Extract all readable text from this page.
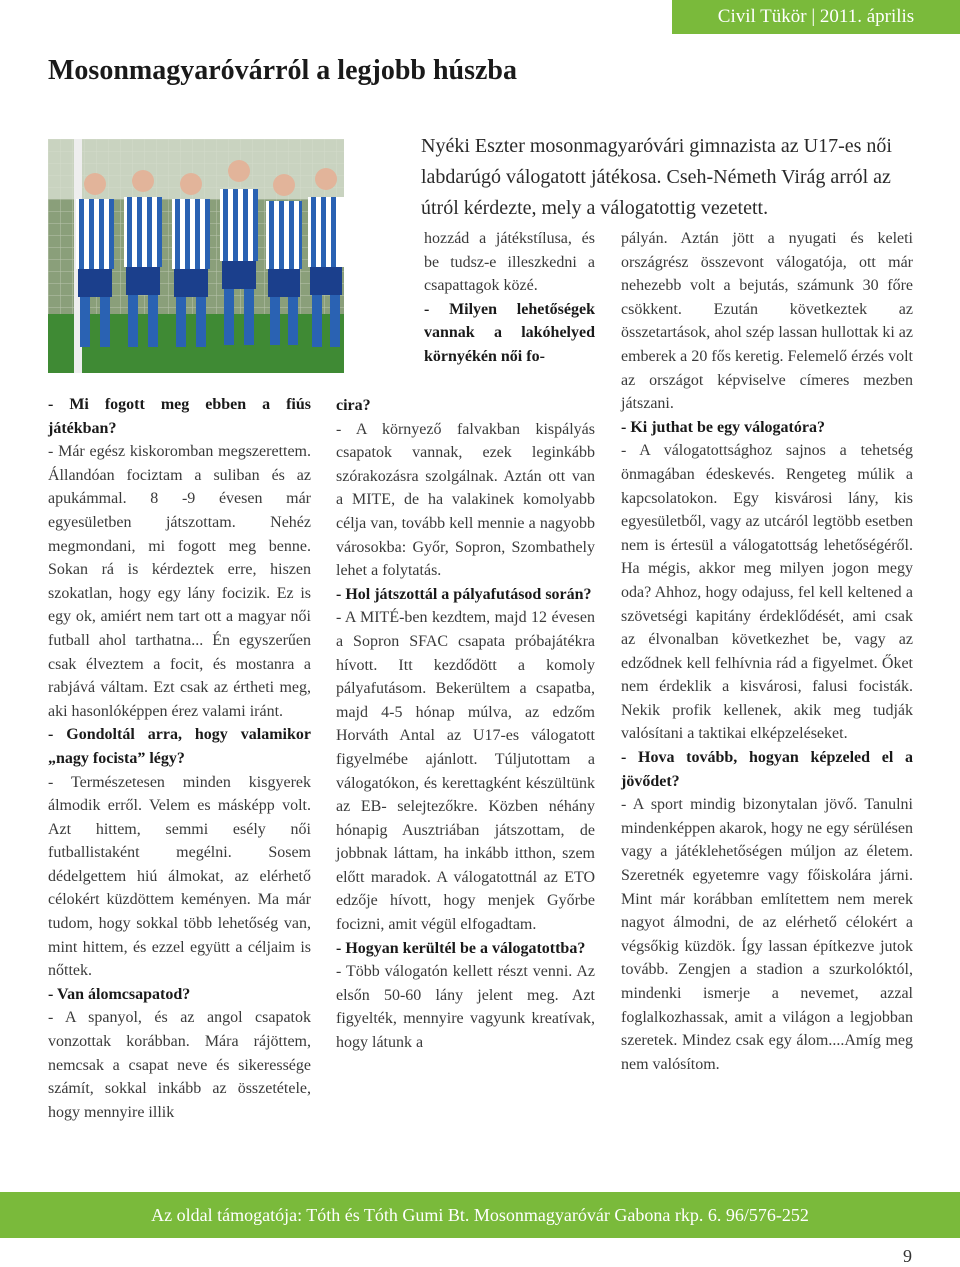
Civil Tükör | 2011. április
Mosonmagyaróvárról a legjobb húszba

Nyéki Eszter mosonmagyaróvári gimnazista az U17-es női labdarúgó válogatott játékosa. Cseh-Németh Virág arról az útról kérdezte, mely a válogatottig vezetett.

- Mi fogott meg ebben a fiús játékban?

- Már egész kiskoromban megszerettem. Állandóan fociztam a suliban és az apukámmal. 8 -9 évesen már egyesületben játszottam. Nehéz megmondani, mi fogott meg benne. Sokan rá is kérdeztek erre, hiszen szokatlan, hogy egy lány focizik. Ez is egy ok, amiért nem tart ott a magyar női futball ahol tarthatna... Én egyszerűen csak élveztem a focit, és mostanra a rabjává váltam. Ezt csak az értheti meg, aki hasonlóképpen érez valami iránt.

- Gondoltál arra, hogy valamikor „nagy focista” légy?

- Természetesen minden kisgyerek álmodik erről. Velem es másképp volt. Azt hittem, semmi esély női futballistaként megélni. Sosem dédelgettem hiú álmokat, az elérhető célokért küzdöttem keményen. Ma már tudom, hogy sokkal több lehetőség van, mint hittem, és ezzel együtt a céljaim is nőttek.

- Van álomcsapatod?

- A spanyol, és az angol csapatok vonzottak korábban. Mára rájöttem, nemcsak a csapat neve és sikeressége számít, sokkal inkább az összetétele, hogy mennyire illik

hozzád a játékstílusa, és be tudsz-e illeszkedni a csapattagok közé.

- Milyen lehetőségek vannak a lakóhelyed környékén női fo-

cira?

- A környező falvakban kispályás csapatok vannak, ezek leginkább szórakozásra szolgálnak. Aztán ott van a MITE, de ha valakinek komolyabb célja van, tovább kell mennie a nagyobb városokba: Győr, Sopron, Szombathely lehet a folytatás.

- Hol játszottál a pályafutásod során?

- A MITÉ-ben kezdtem, majd 12 évesen a Sopron SFAC csapata próbajátékra hívott. Itt kezdődött a komoly pályafutásom. Bekerültem a csapatba, majd 4-5 hónap múlva, az edzőm Horváth Antal az U17-es válogatott figyelmébe ajánlott. Túljutottam a válogatókon, és kerettagként készültünk az EB- selejtezőkre. Közben néhány hónapig Ausztriában játszottam, de jobbnak láttam, ha inkább itthon, szem előtt maradok. A válogatottnál az ETO edzője hívott, hogy menjek Győrbe focizni, amit végül elfogadtam.

- Hogyan kerültél be a válogatottba?

- Több válogatón kellett részt venni. Az elsőn 50-60 lány jelent meg. Azt figyelték, mennyire vagyunk kreatívak, hogy látunk a

pályán. Aztán jött a nyugati és keleti országrész összevont válogatója, ott már nehezebb volt a bejutás, számunk 30 főre csökkent. Ezután következtek az összetartások, ahol szép lassan hullottak ki az emberek a 20 fős keretig. Felemelő érzés volt az országot képviselve címeres mezben játszani.

- Ki juthat be egy válogatóra?

- A válogatottsághoz sajnos a tehetség önmagában édeskevés. Rengeteg múlik a kapcsolatokon. Egy kisvárosi lány, kis egyesületből, vagy az utcáról legtöbb esetben nem is értesül a válogatottság lehetőségéről. Ha mégis, akkor meg milyen jogon megy oda? Ahhoz, hogy odajuss, fel kell keltened a szövetségi kapitány érdeklődését, ami csak az élvonalban következhet be, vagy az edződnek kell felhívnia rád a figyelmet. Őket nem érdeklik a kisvárosi, falusi focisták. Nekik profik kellenek, akik meg tudják valósítani a taktikai elképzeléseket.

- Hova tovább, hogyan képzeled el a jövődet?

- A sport mindig bizonytalan jövő. Tanulni mindenképpen akarok, hogy ne egy sérülésen vagy a játéklehetőségen múljon az életem. Szeretnék egyetemre vagy főiskolára járni. Mint már korábban említettem nem merek nagyot álmodni, de az elérhető célokért a végsőkig küzdök. Így lassan építkezve jutok tovább. Zengjen a stadion a szurkolóktól, mindenki ismerje a nevemet, azzal foglalkozhassak, amit a világon a legjobban szeretek. Mindez csak egy álom....Amíg meg nem valósítom.

Az oldal támogatója: Tóth és Tóth Gumi Bt. Mosonmagyaróvár Gabona rkp. 6. 96/576-252
9
